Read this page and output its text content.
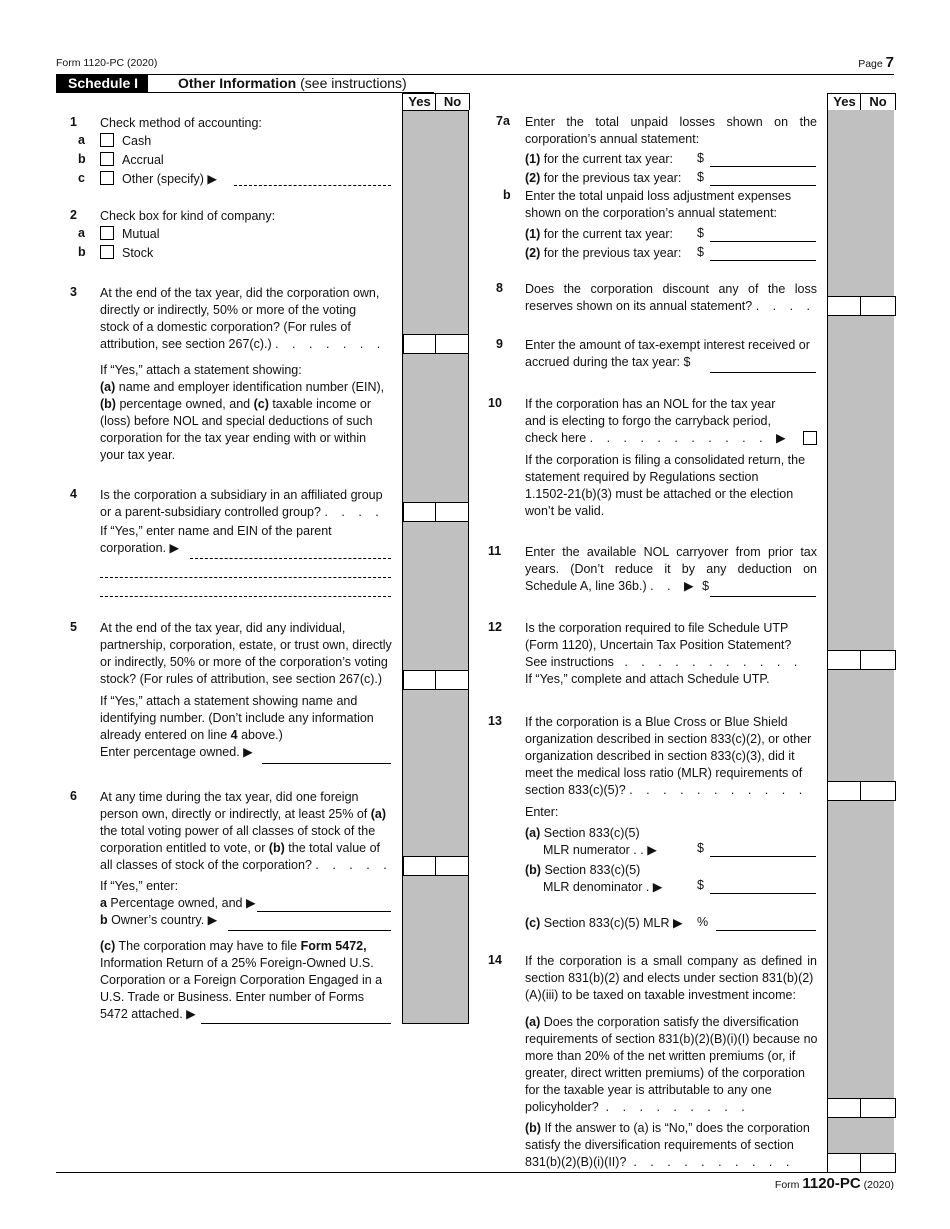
Form 1120-PC (2020)	Page 7
Schedule I	Other Information (see instructions)
Yes	No	Yes	No
1 Check method of accounting:
a	Cash
b	Accrual
c	Other (specify) ▶
2 Check box for kind of company:
a	Mutual
b	Stock
3 At the end of the tax year, did the corporation own,
directly or indirectly, 50% or more of the voting
stock of a domestic corporation? (For rules of
attribution, see section 267(c).) . . . . . . .
If “Yes,” attach a statement showing:
(a) name and employer identification number (EIN),
(b) percentage owned, and (c) taxable income or
(loss) before NOL and special deductions of such
corporation for the tax year ending with or within
your tax year.
4 Is the corporation a subsidiary in an affiliated group
or a parent-subsidiary controlled group? . . . .
If “Yes,” enter name and EIN of the parent
corporation. ▶
5 At the end of the tax year, did any individual,
partnership, corporation, estate, or trust own, directly
or indirectly, 50% or more of the corporation’s voting
stock? (For rules of attribution, see section 267(c).)
If “Yes,” attach a statement showing name and
identifying number. (Don’t include any information
already entered on line 4 above.)
Enter percentage owned. ▶
6 At any time during the tax year, did one foreign
person own, directly or indirectly, at least 25% of (a)
the total voting power of all classes of stock of the
corporation entitled to vote, or (b) the total value of
all classes of stock of the corporation? . . . . .
If “Yes,” enter:
a Percentage owned, and ▶
b Owner’s country. ▶
(c) The corporation may have to file Form 5472,
Information Return of a 25% Foreign-Owned U.S.
Corporation or a Foreign Corporation Engaged in a
U.S. Trade or Business. Enter number of Forms
5472 attached. ▶
7a Enter the total unpaid losses shown on the
corporation’s annual statement:
(1) for the current tax year: $
(2) for the previous tax year: $
b Enter the total unpaid loss adjustment expenses
shown on the corporation’s annual statement:
(1) for the current tax year: $
(2) for the previous tax year: $
8 Does the corporation discount any of the loss
reserves shown on its annual statement? . . . .
9 Enter the amount of tax-exempt interest received or
accrued during the tax year: $
10 If the corporation has an NOL for the tax year
and is electing to forgo the carryback period,
check here . . . . . . . . . . . ▶
If the corporation is filing a consolidated return, the
statement required by Regulations section
1.1502-21(b)(3) must be attached or the election
won’t be valid.
11 Enter the available NOL carryover from prior tax
years. (Don’t reduce it by any deduction on
Schedule A, line 36b.) . . ▶ $
12 Is the corporation required to file Schedule UTP
(Form 1120), Uncertain Tax Position Statement?
See instructions . . . . . . . . . . .
If “Yes,” complete and attach Schedule UTP.
13 If the corporation is a Blue Cross or Blue Shield
organization described in section 833(c)(2), or other
organization described in section 833(c)(3), did it
meet the medical loss ratio (MLR) requirements of
section 833(c)(5)? . . . . . . . . . . .
Enter:
(a) Section 833(c)(5)
MLR numerator . . ▶	$
(b) Section 833(c)(5)
MLR denominator . ▶	$
(c) Section 833(c)(5) MLR ▶ %
14 If the corporation is a small company as defined in
section 831(b)(2) and elects under section 831(b)(2)
(A)(iii) to be taxed on taxable investment income:
(a) Does the corporation satisfy the diversification
requirements of section 831(b)(2)(B)(i)(I) because no
more than 20% of the net written premiums (or, if
greater, direct written premiums) of the corporation
for the taxable year is attributable to any one
policyholder? . . . . . . . . .
(b) If the answer to (a) is “No,” does the corporation
satisfy the diversification requirements of section
831(b)(2)(B)(i)(II)? . . . . . . . . . .
Form 1120-PC (2020)
